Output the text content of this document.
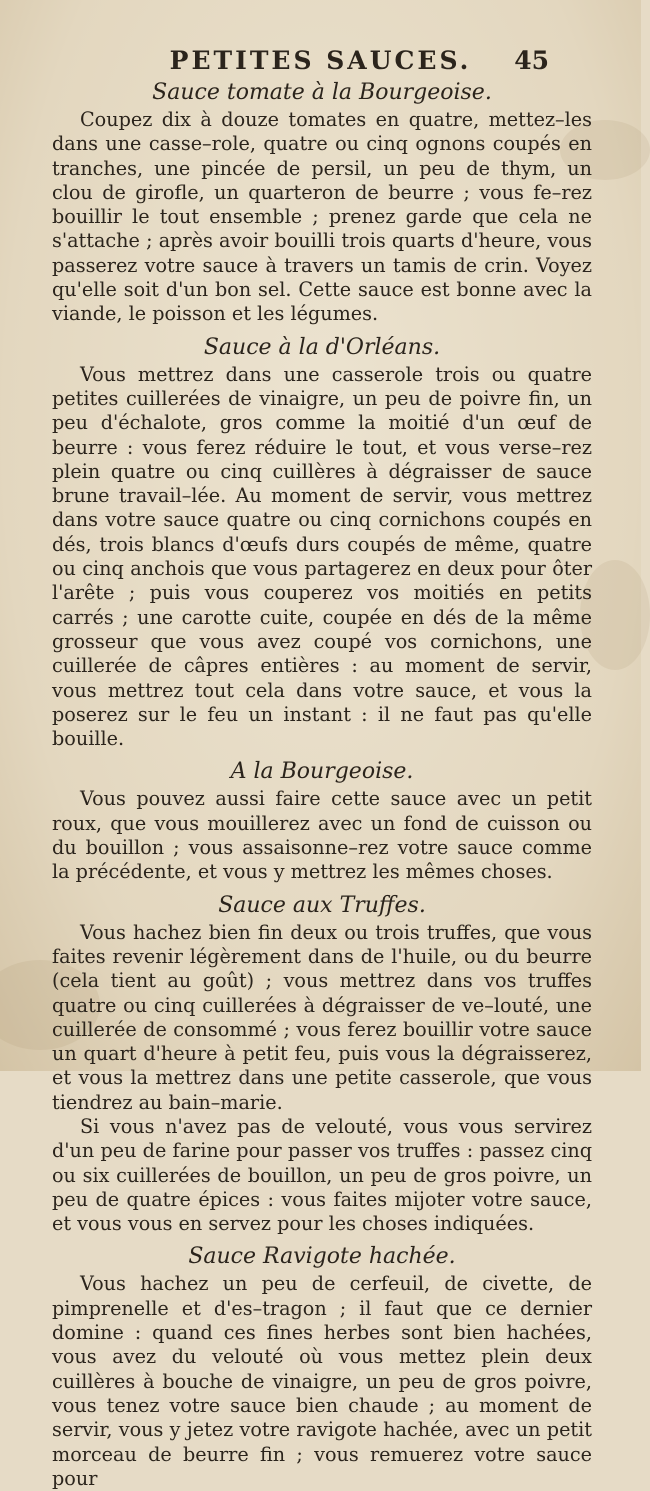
PETITES SAUCES.	45
Sauce tomate à la Bourgeoise.

Coupez dix à douze tomates en quatre, mettez–les dans une casse–role, quatre ou cinq ognons coupés en tranches, une pincée de persil, un peu de thym, un clou de girofle, un quarteron de beurre ; vous fe–rez bouillir le tout ensemble ; prenez garde que cela ne s'attache ; après avoir bouilli trois quarts d'heure, vous passerez votre sauce à travers un tamis de crin. Voyez qu'elle soit d'un bon sel. Cette sauce est bonne avec la viande, le poisson et les légumes.

Sauce à la d'Orléans.

Vous mettrez dans une casserole trois ou quatre petites cuillerées de vinaigre, un peu de poivre fin, un peu d'échalote, gros comme la moitié d'un œuf de beurre : vous ferez réduire le tout, et vous verse–rez plein quatre ou cinq cuillères à dégraisser de sauce brune travail–lée. Au moment de servir, vous mettrez dans votre sauce quatre ou cinq cornichons coupés en dés, trois blancs d'œufs durs coupés de même, quatre ou cinq anchois que vous partagerez en deux pour ôter l'arête ; puis vous couperez vos moitiés en petits carrés ; une carotte cuite, coupée en dés de la même grosseur que vous avez coupé vos cornichons, une cuillerée de câpres entières : au moment de servir, vous mettrez tout cela dans votre sauce, et vous la poserez sur le feu un instant : il ne faut pas qu'elle bouille.

A la Bourgeoise.

Vous pouvez aussi faire cette sauce avec un petit roux, que vous mouillerez avec un fond de cuisson ou du bouillon ; vous assaisonne–rez votre sauce comme la précédente, et vous y mettrez les mêmes choses.

Sauce aux Truffes.

Vous hachez bien fin deux ou trois truffes, que vous faites revenir légèrement dans de l'huile, ou du beurre (cela tient au goût) ; vous mettrez dans vos truffes quatre ou cinq cuillerées à dégraisser de ve–louté, une cuillerée de consommé ; vous ferez bouillir votre sauce un quart d'heure à petit feu, puis vous la dégraisserez, et vous la mettrez dans une petite casserole, que vous tiendrez au bain–marie.

Si vous n'avez pas de velouté, vous vous servirez d'un peu de farine pour passer vos truffes : passez cinq ou six cuillerées de bouillon, un peu de gros poivre, un peu de quatre épices : vous faites mijoter votre sauce, et vous vous en servez pour les choses indiquées.

Sauce Ravigote hachée.

Vous hachez un peu de cerfeuil, de civette, de pimprenelle et d'es–tragon ; il faut que ce dernier domine : quand ces fines herbes sont bien hachées, vous avez du velouté où vous mettez plein deux cuillères à bouche de vinaigre, un peu de gros poivre, vous tenez votre sauce bien chaude ; au moment de servir, vous y jetez votre ravigote hachée, avec un petit morceau de beurre fin ; vous remuerez votre sauce pour
